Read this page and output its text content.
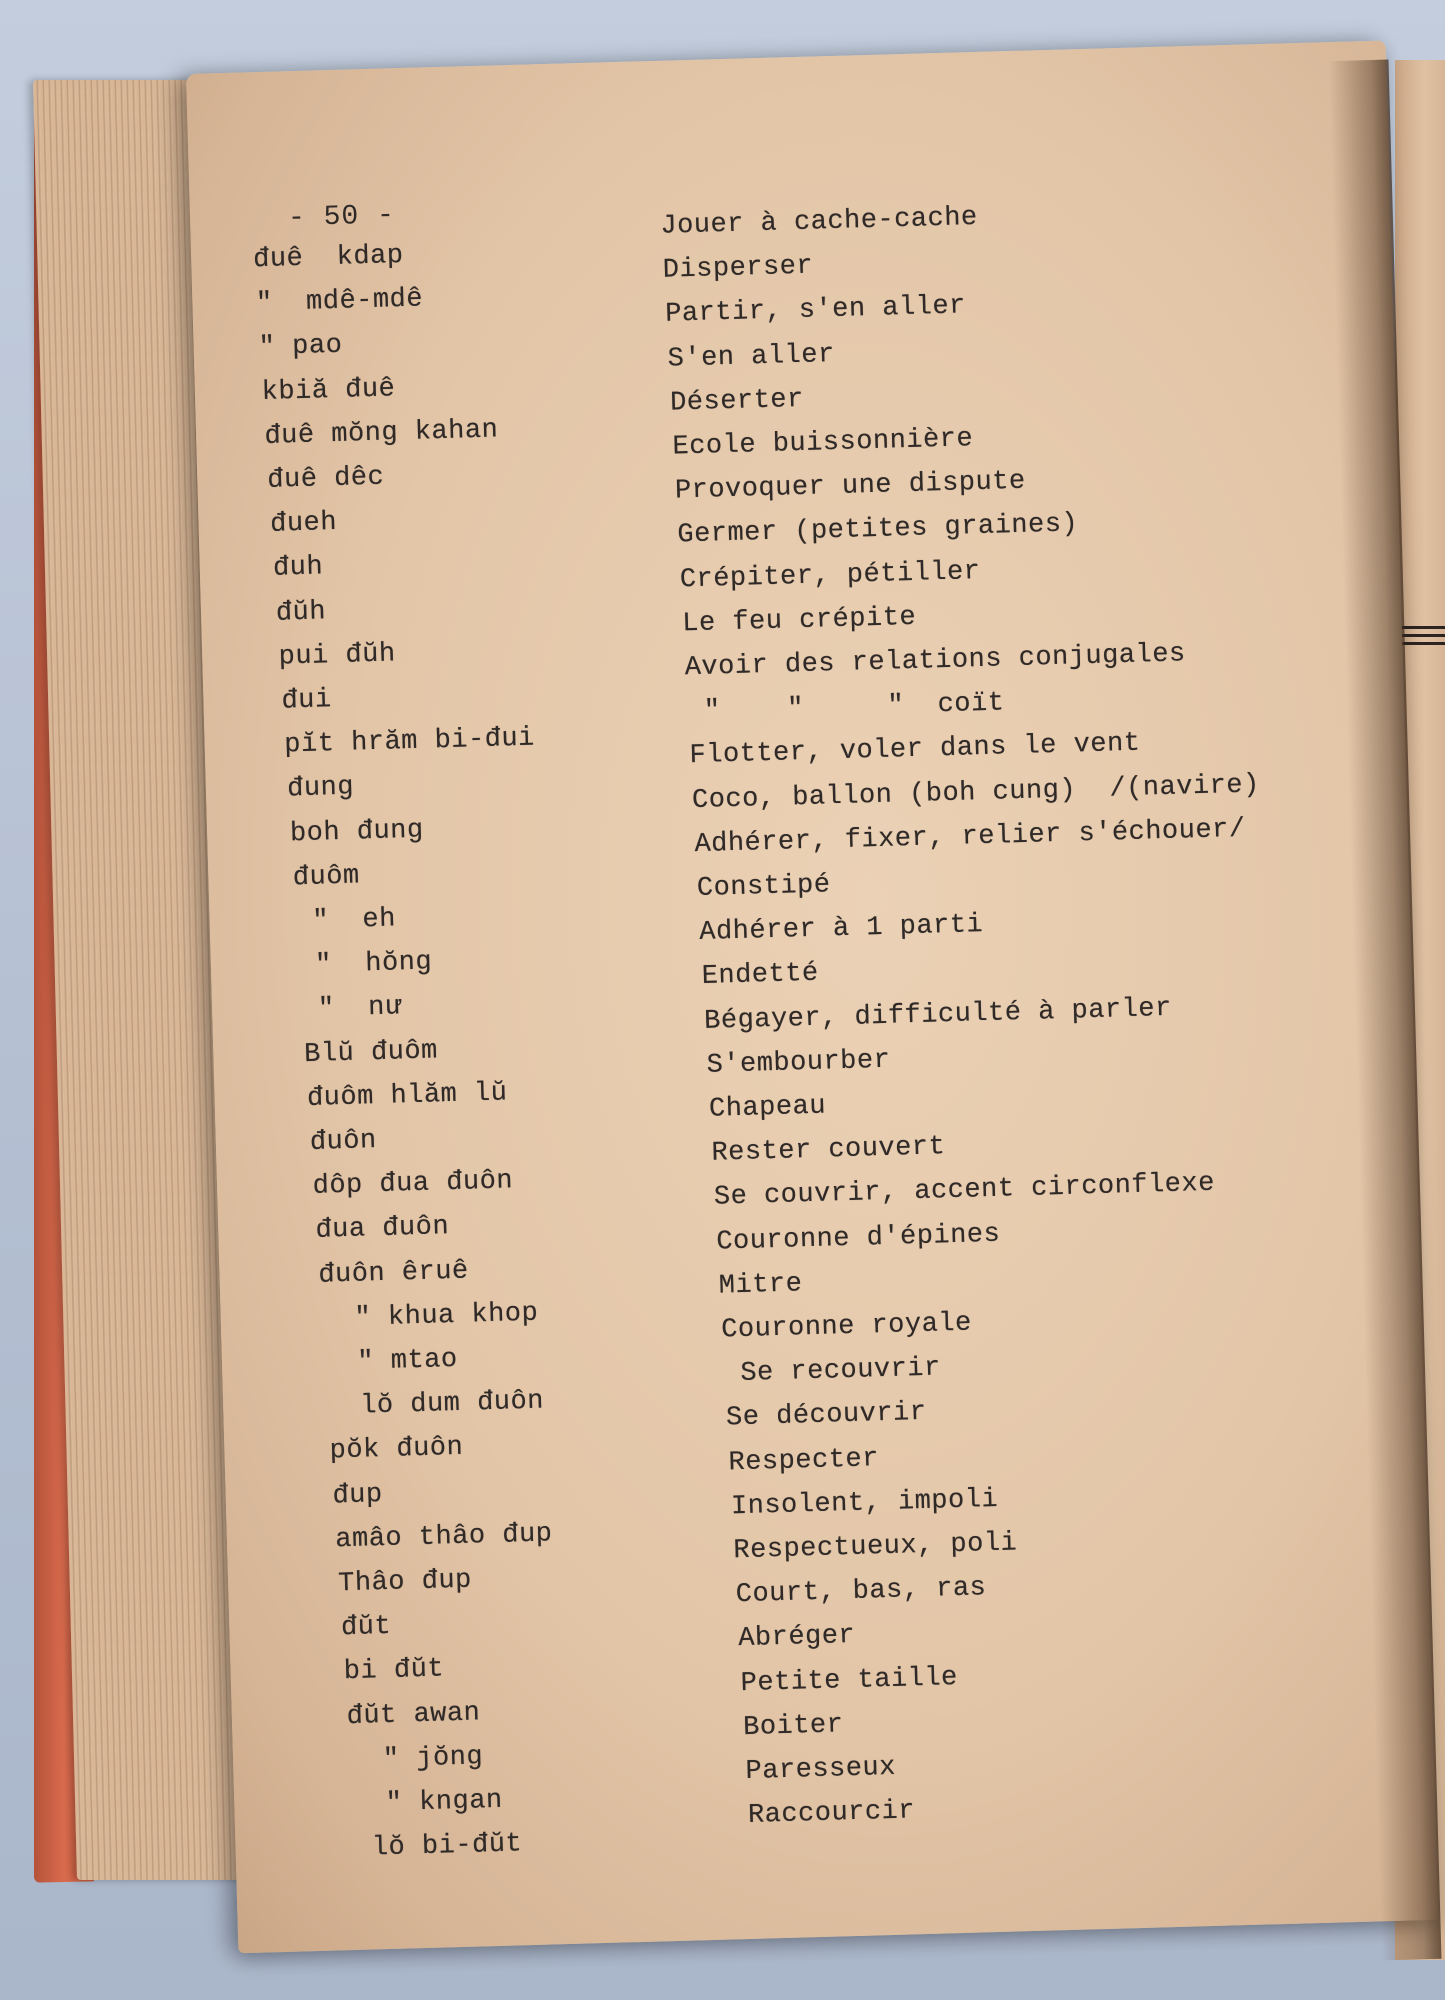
- 50 -
đuê  kdap
"  mdê-mdê
" pao
kbiă đuê
đuê mŏng kahan
đuê dêc
đueh
đuh
đŭh
pui đŭh
đui
pĭt hrăm bi-đui
đung
boh đung
đuôm
"  eh
"  hŏng
"  nư
Blŭ đuôm
đuôm hlăm lŭ
đuôn
dôp đua đuôn
đua đuôn
đuôn êruê
" khua khop
" mtao
lŏ dum đuôn
pŏk đuôn
đup
amâo thâo đup
Thâo đup
đŭt
bi đŭt
đŭt awan
" jŏng
" kngan
lŏ bi-đŭt
Jouer à cache-cache
Disperser
Partir, s'en aller
S'en aller
Déserter
Ecole buissonnière
Provoquer une dispute
Germer (petites graines)
Crépiter, pétiller
Le feu crépite
Avoir des relations conjugales
"    "     "  coït
Flotter, voler dans le vent
Coco, ballon (boh cung)  /(navire)
Adhérer, fixer, relier s'échouer/
Constipé
Adhérer à 1 parti
Endetté
Bégayer, difficulté à parler
S'embourber
Chapeau
Rester couvert
Se couvrir, accent circonflexe
Couronne d'épines
Mitre
Couronne royale
Se recouvrir
Se découvrir
Respecter
Insolent, impoli
Respectueux, poli
Court, bas, ras
Abréger
Petite taille
Boiter
Paresseux
Raccourcir
